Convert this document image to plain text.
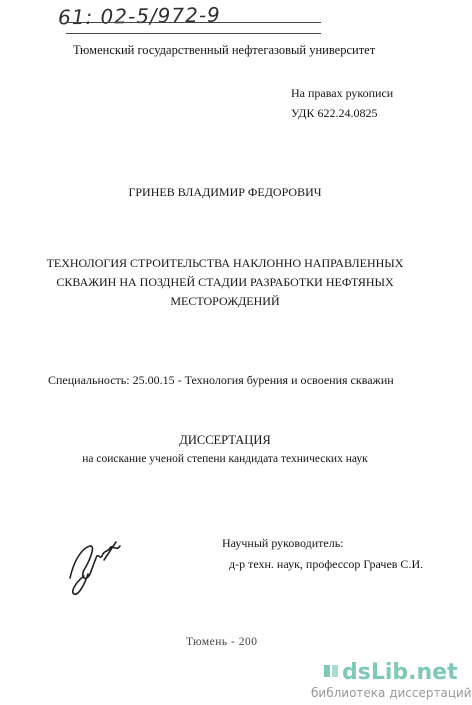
61: 02-5/972-9
Тюменский государственный нефтегазовый университет
На правах рукописи
УДК 622.24.0825
ГРИНЕВ ВЛАДИМИР ФЕДОРОВИЧ
ТЕХНОЛОГИЯ СТРОИТЕЛЬСТВА НАКЛОННО НАПРАВЛЕННЫХ
СКВАЖИН НА ПОЗДНЕЙ СТАДИИ РАЗРАБОТКИ НЕФТЯНЫХ
МЕСТОРОЖДЕНИЙ
Специальность: 25.00.15 - Технология бурения и освоения скважин
ДИССЕРТАЦИЯ
на соискание ученой степени кандидата технических наук
Научный руководитель:
д-р техн. наук, профессор Грачев С.И.
Тюмень - 200
dsLib.net
библиотека диссертаций
